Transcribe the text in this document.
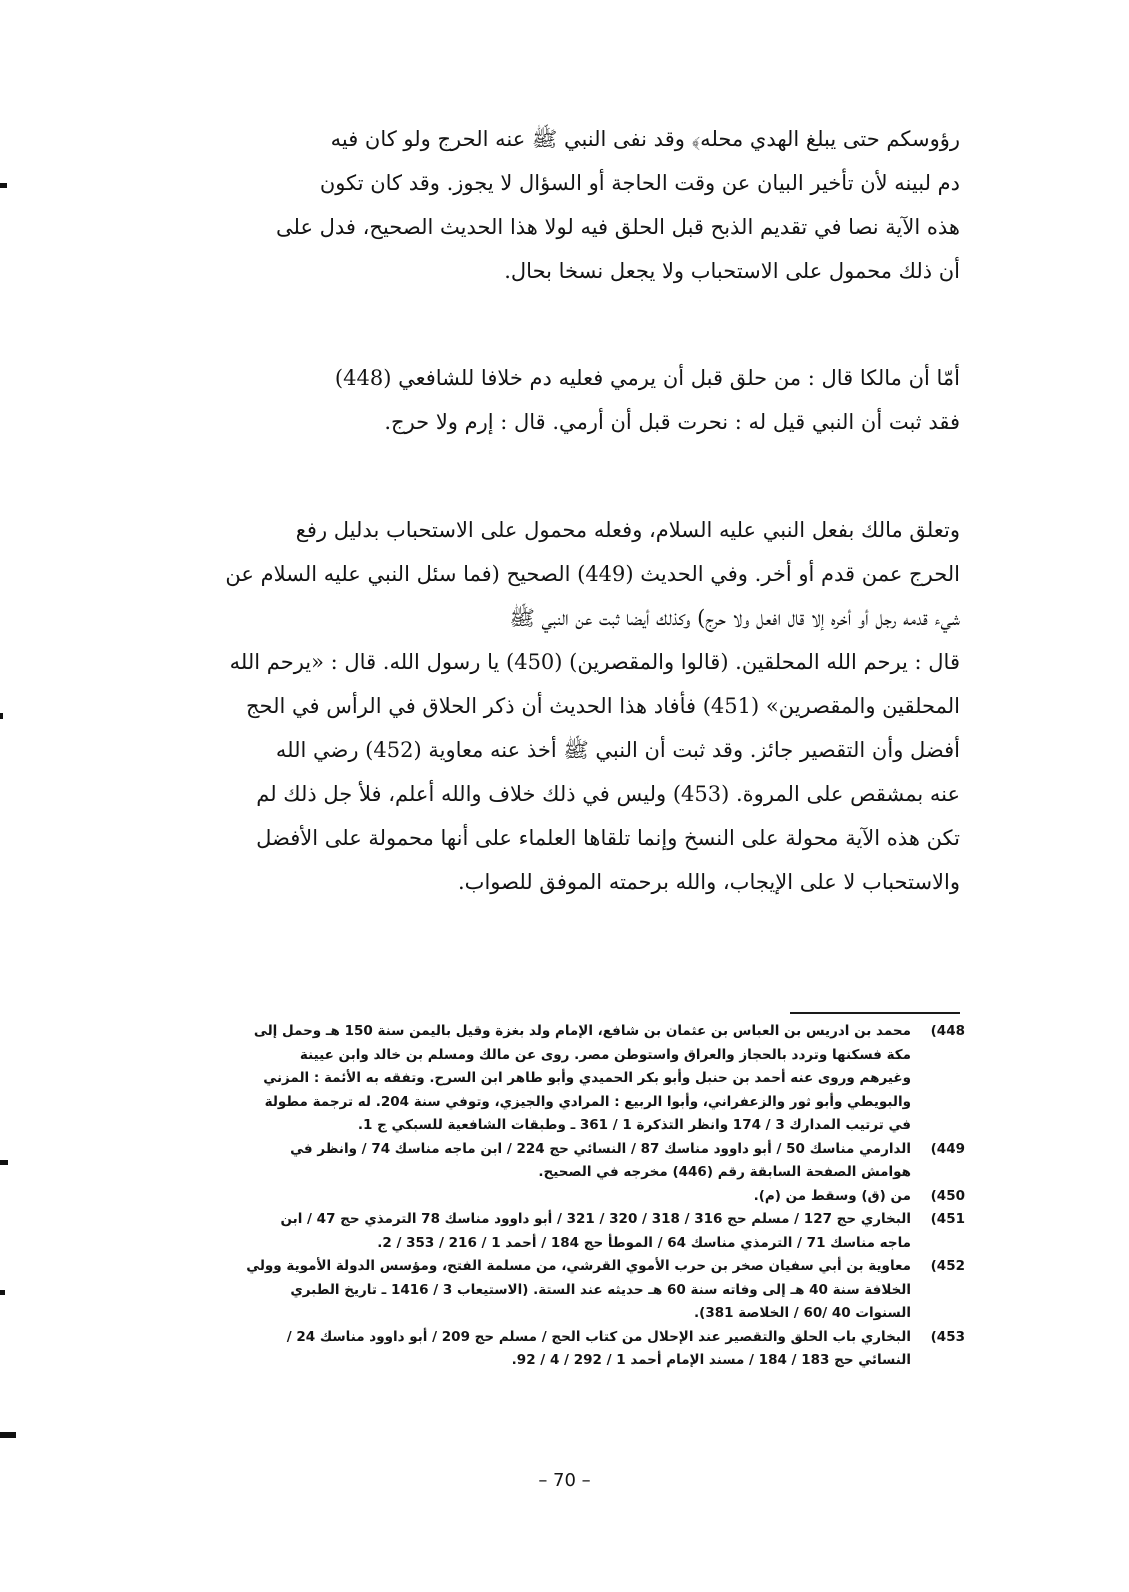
رؤوسكم حتى يبلغ الهدي محله﴾ وقد نفى النبي ﷺ عنه الحرج ولو كان فيه
دم لبينه لأن تأخير البيان عن وقت الحاجة أو السؤال لا يجوز. وقد كان تكون
هذه الآية نصا في تقديم الذبح قبل الحلق فيه لولا هذا الحديث الصحيح، فدل على
أن ذلك محمول على الاستحباب ولا يجعل نسخا بحال.
أمّا أن مالكا قال : من حلق قبل أن يرمي فعليه دم خلافا للشافعي (448)
فقد ثبت أن النبي قيل له : نحرت قبل أن أرمي. قال : إرم ولا حرج.
وتعلق مالك بفعل النبي عليه السلام، وفعله محمول على الاستحباب بدليل رفع
الحرج عمن قدم أو أخر. وفي الحديث (449) الصحيح (فما سئل النبي عليه السلام عن
شيء قدمه رجل أو أخره إلا قال افعل ولا حرج) وكذلك أيضا ثبت عن النبي ﷺ
قال : يرحم الله المحلقين. (قالوا والمقصرين) (450) يا رسول الله. قال : «يرحم الله
المحلقين والمقصرين» (451) فأفاد هذا الحديث أن ذكر الحلاق في الرأس في الحج
أفضل وأن التقصير جائز. وقد ثبت أن النبي ﷺ أخذ عنه معاوية (452) رضي الله
عنه بمشقص على المروة. (453) وليس في ذلك خلاف والله أعلم، فلأ جل ذلك لم
تكن هذه الآية محولة على النسخ وإنما تلقاها العلماء على أنها محمولة على الأفضل
والاستحباب لا على الإيجاب، والله برحمته الموفق للصواب.
(448
محمد بن ادريس بن العباس بن عثمان بن شافع، الإمام ولد بغزة وقيل باليمن سنة 150 هـ وحمل إلى
مكة فسكنها وتردد بالحجاز والعراق واستوطن مصر. روى عن مالك ومسلم بن خالد وابن عيينة
وغيرهم وروى عنه أحمد بن حنبل وأبو بكر الحميدي وأبو طاهر ابن السرح. وتفقه به الأئمة : المزني
والبويطي وأبو ثور والزعفراني، وأبوا الربيع : المرادي والجيزي، وتوفي سنة 204. له ترجمة مطولة
في ترتيب المدارك 3 / 174 وانظر التذكرة 1 / 361 ـ وطبقات الشافعية للسبكي ج 1.
(449
الدارمي مناسك 50 / أبو داوود مناسك 87 / النسائي حج 224 / ابن ماجه مناسك 74 / وانظر في
هوامش الصفحة السابقة رقم (446) مخرجه في الصحيح.
(450
من (ق) وسقط من (م).
(451
البخاري حج 127 / مسلم حج 316 / 318 / 320 / 321 / أبو داوود مناسك 78 الترمذي حج 47 / ابن
ماجه مناسك 71 / الترمذي مناسك 64 / الموطأ حج 184 / أحمد 1 / 216 / 353 / 2.
(452
معاوية بن أبي سفيان صخر بن حرب الأموي القرشي، من مسلمة الفتح، ومؤسس الدولة الأموية وولي
الخلافة سنة 40 هـ إلى وفاته سنة 60 هـ حديثه عند الستة. (الاستيعاب 3 / 1416 ـ تاريخ الطبري
السنوات 40 /60 / الخلاصة 381).
(453
البخاري باب الحلق والتقصير عند الإحلال من كتاب الحج / مسلم حج 209 / أبو داوود مناسك 24 /
النسائي حج 183 / 184 / مسند الإمام أحمد 1 / 292 / 4 / 92.
– 70 –
